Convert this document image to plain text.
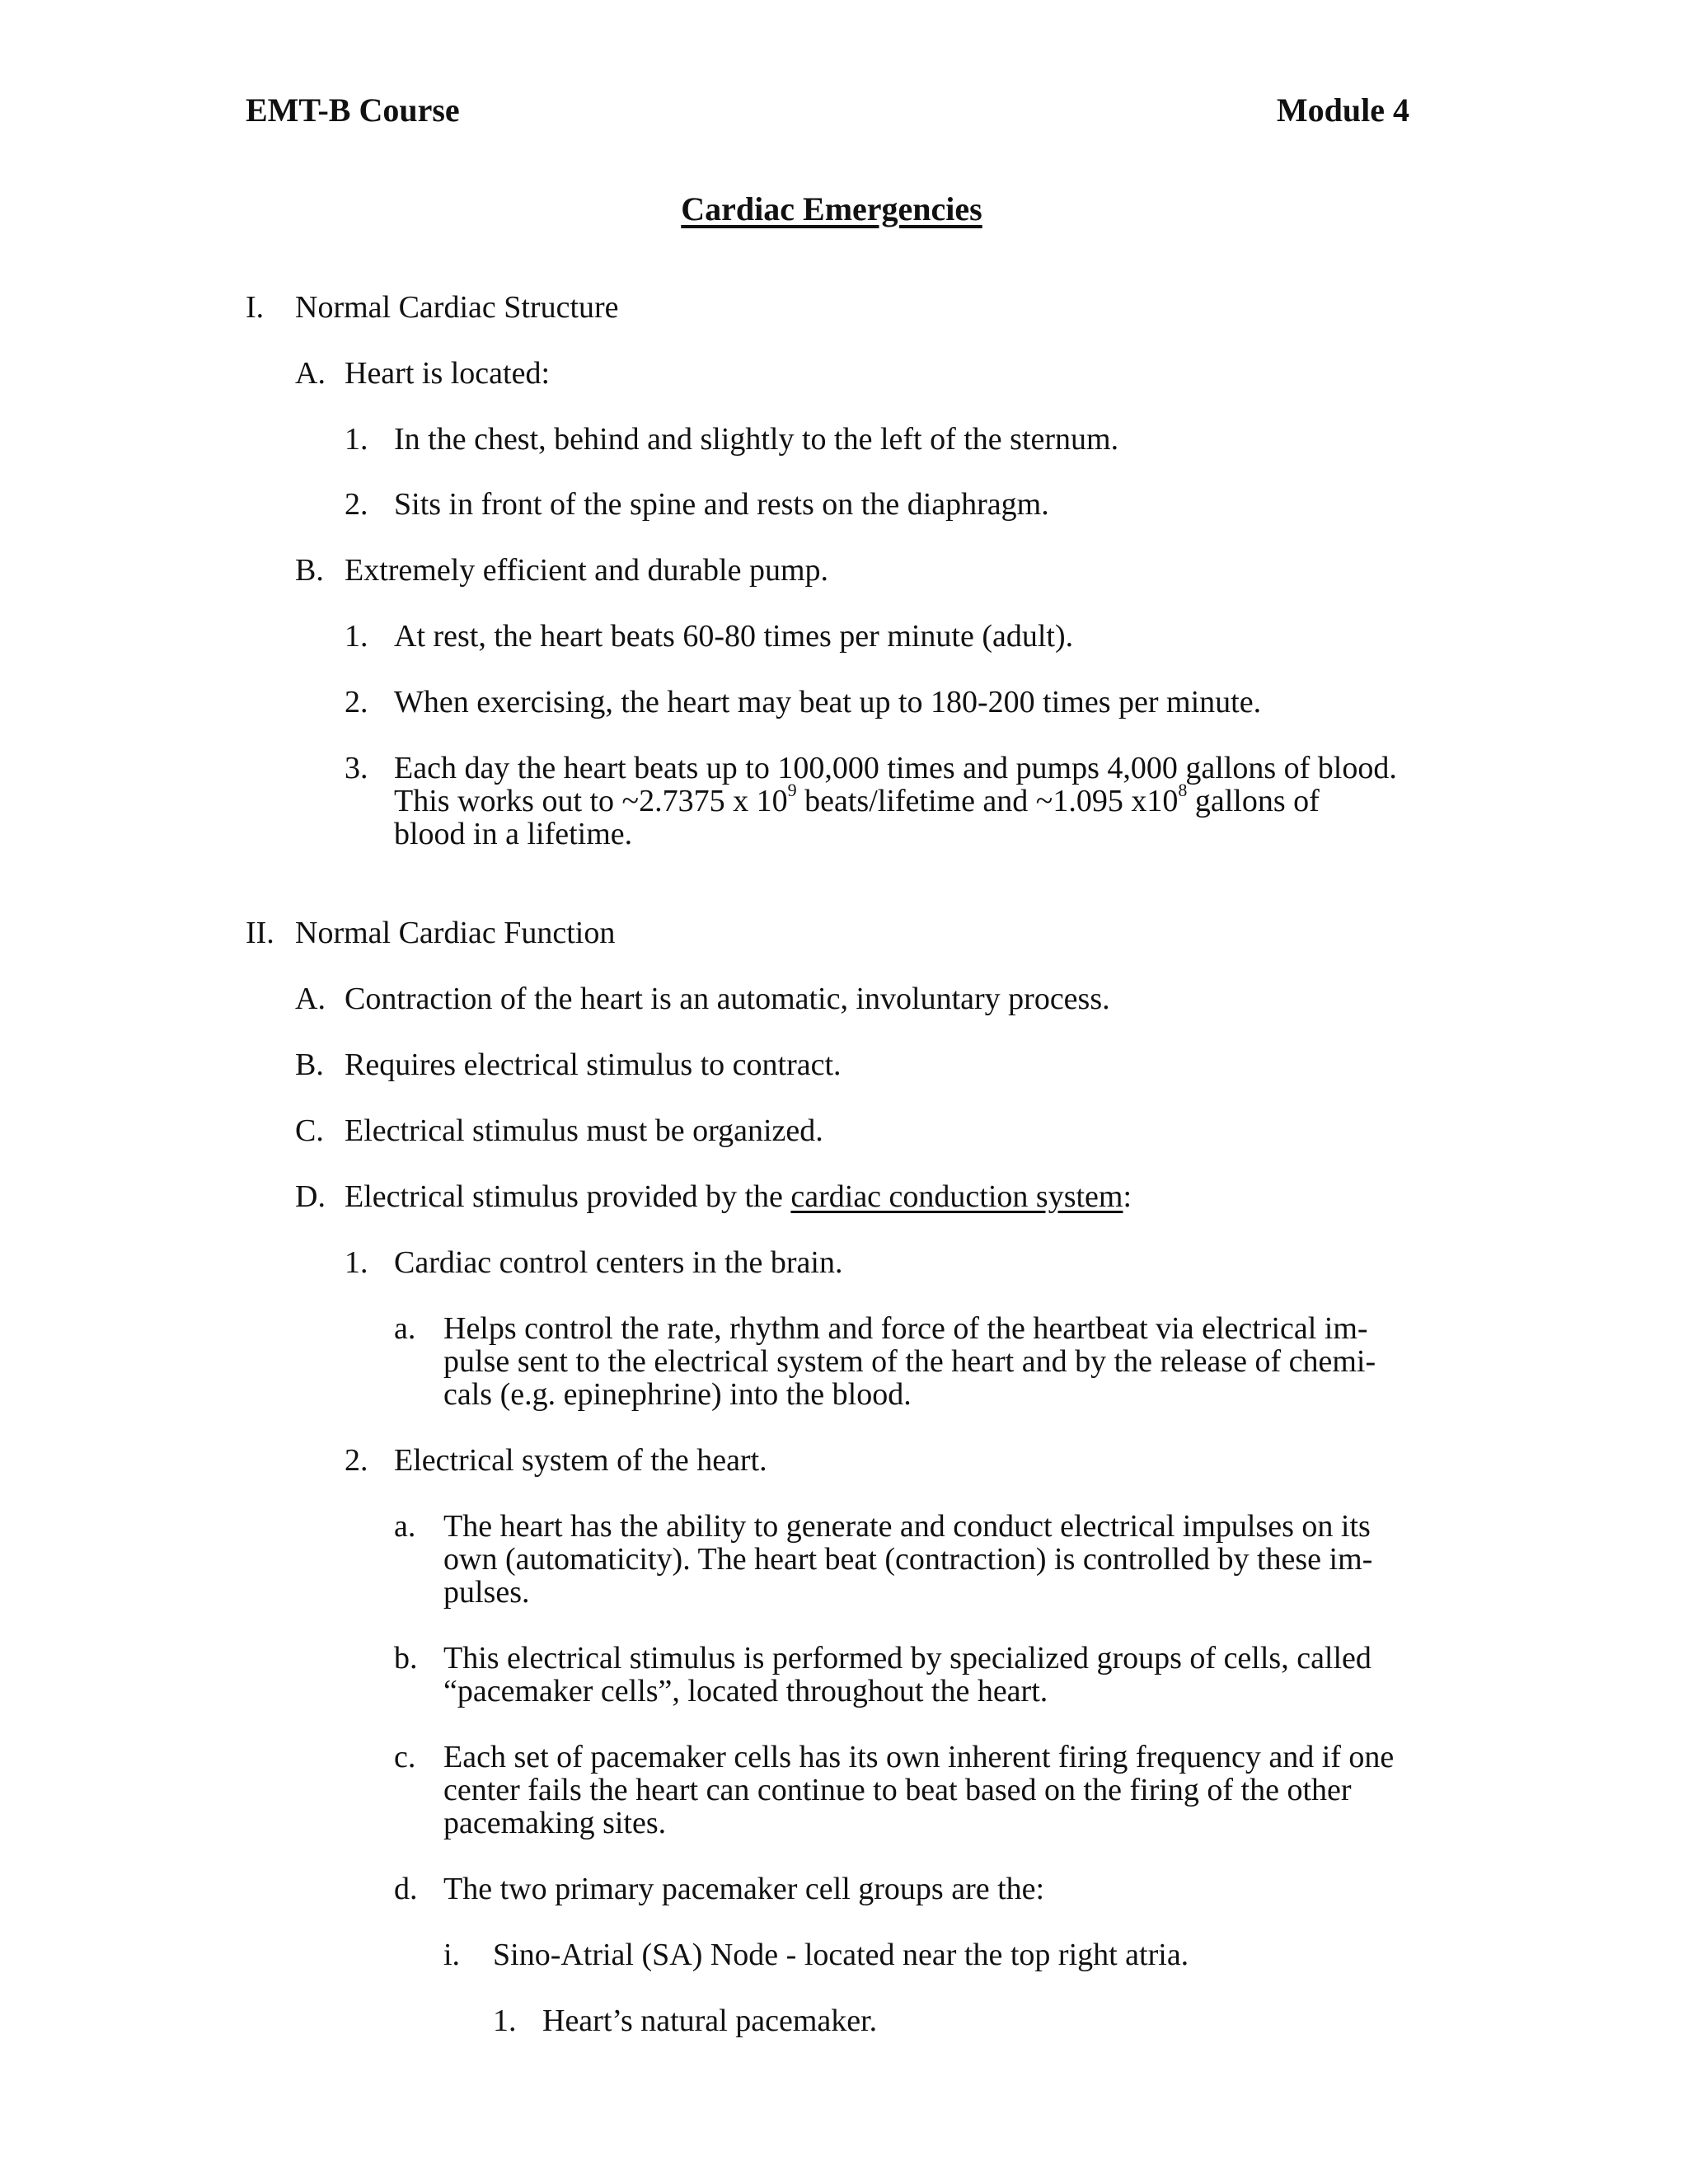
EMT-B Course	Module 4
Cardiac Emergencies
I. Normal Cardiac Structure
A. Heart is located:
1. In the chest, behind and slightly to the left of the sternum.
2. Sits in front of the spine and rests on the diaphragm.
B. Extremely efficient and durable pump.
1. At rest, the heart beats 60-80 times per minute (adult).
2. When exercising, the heart may beat up to 180-200 times per minute.
3. Each day the heart beats up to 100,000 times and pumps 4,000 gallons of blood.
This works out to ~2.7375 x $10^9$ beats/lifetime and ~1.095 $x10^8$ gallons of
blood in a lifetime.
II. Normal Cardiac Function
A. Contraction of the heart is an automatic, involuntary process.
B. Requires electrical stimulus to contract.
C. Electrical stimulus must be organized.
D. Electrical stimulus provided by the cardiac conduction system:
1. Cardiac control centers in the brain.
a. Helps control the rate, rhythm and force of the heartbeat via electrical im-
pulse sent to the electrical system of the heart and by the release of chemi-
cals (e.g. epinephrine) into the blood.
2. Electrical system of the heart.
a. The heart has the ability to generate and conduct electrical impulses on its
own (automaticity). The heart beat (contraction) is controlled by these im-
pulses.
b. This electrical stimulus is performed by specialized groups of cells, called
“pacemaker cells”, located throughout the heart.
c. Each set of pacemaker cells has its own inherent firing frequency and if one
center fails the heart can continue to beat based on the firing of the other
pacemaking sites.
d. The two primary pacemaker cell groups are the:
i. Sino-Atrial (SA) Node - located near the top right atria.
1. Heart’s natural pacemaker.
